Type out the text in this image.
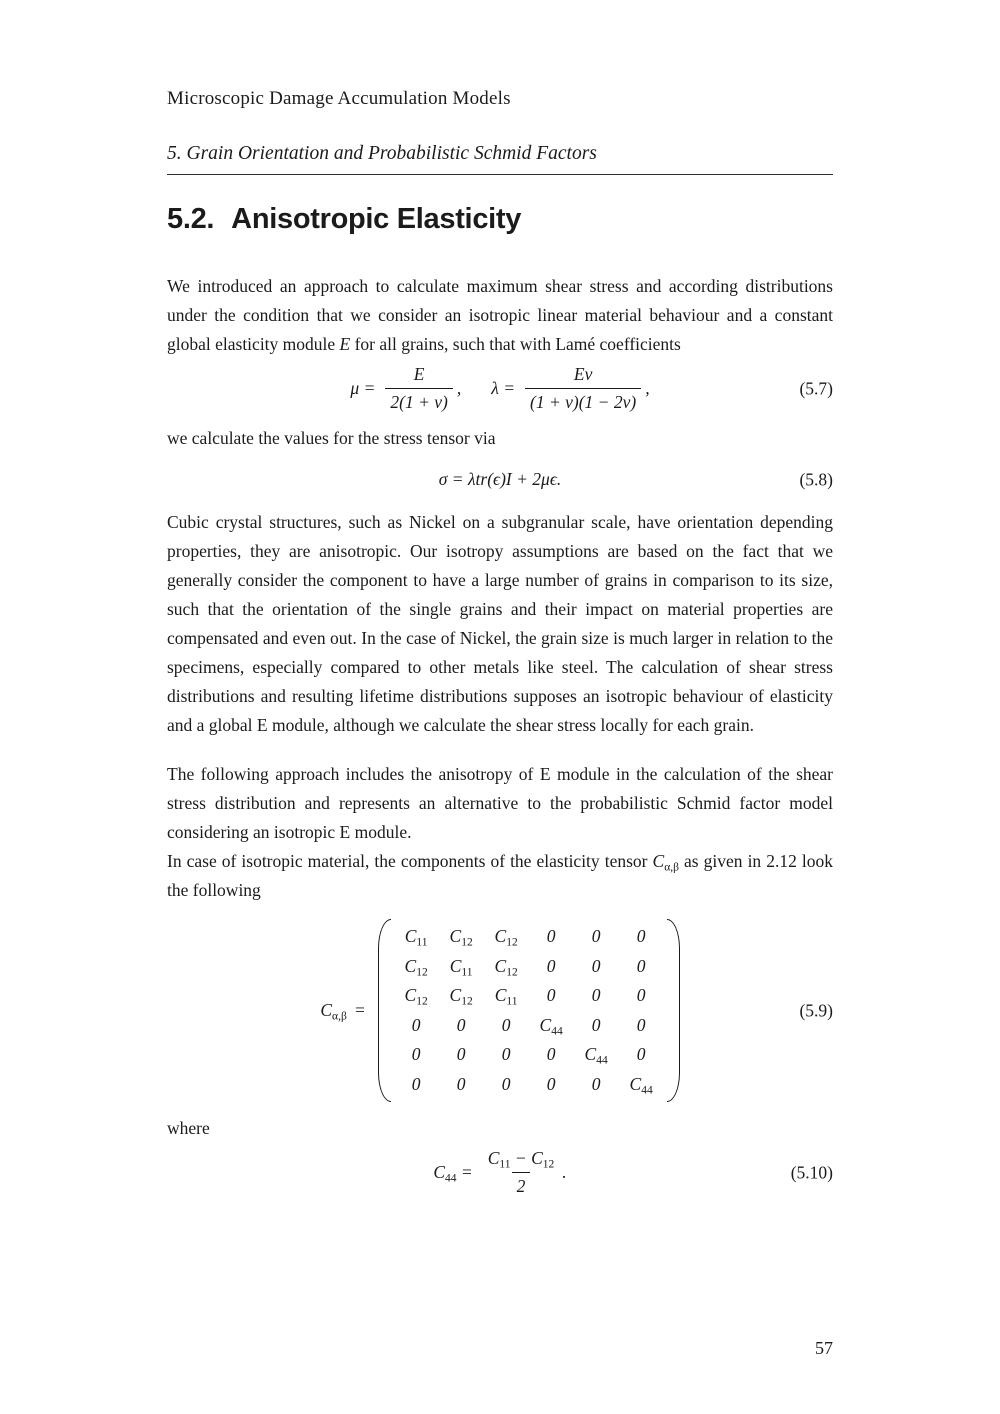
Microscopic Damage Accumulation Models
5. Grain Orientation and Probabilistic Schmid Factors
5.2. Anisotropic Elasticity

We introduced an approach to calculate maximum shear stress and according distributions under the condition that we consider an isotropic linear material behaviour and a constant global elasticity module E for all grains, such that with Lamé coefficients

$\mu = \frac{E}{2(1 + \nu)}$ , $\lambda = \frac{E\nu}{(1 + \nu)(1 - 2\nu)}$ ,	(5.7)

we calculate the values for the stress tensor via

σ = λtr(ϵ)I + 2μϵ.	(5.8)

Cubic crystal structures, such as Nickel on a subgranular scale, have orientation depending properties, they are anisotropic. Our isotropy assumptions are based on the fact that we generally consider the component to have a large number of grains in comparison to its size, such that the orientation of the single grains and their impact on material properties are compensated and even out. In the case of Nickel, the grain size is much larger in relation to the specimens, especially compared to other metals like steel. The calculation of shear stress distributions and resulting lifetime distributions supposes an isotropic behaviour of elasticity and a global E module, although we calculate the shear stress locally for each grain.

The following approach includes the anisotropy of E module in the calculation of the shear stress distribution and represents an alternative to the probabilistic Schmid factor model considering an isotropic E module.

In case of isotropic material, the components of the elasticity tensor $C_{\alpha,\beta}$ as given in 2.12 look the following

$C_{\alpha,\beta}$ =
$C_{11}$ $C_{12}$ $C_{12}$ 0 0 0
$C_{12}$ $C_{11}$ $C_{12}$ 0 0 0
$C_{12}$ $C_{12}$ $C_{11}$ 0 0 0
0 0 0 $C_{44}$ 0 0
0 0 0 0 $C_{44}$ 0
0 0 0 0 0 $C_{44}$
(5.9)

where

$C_{44} = \frac{C_{11} - C_{12}}{2}$ .	(5.10)
57
